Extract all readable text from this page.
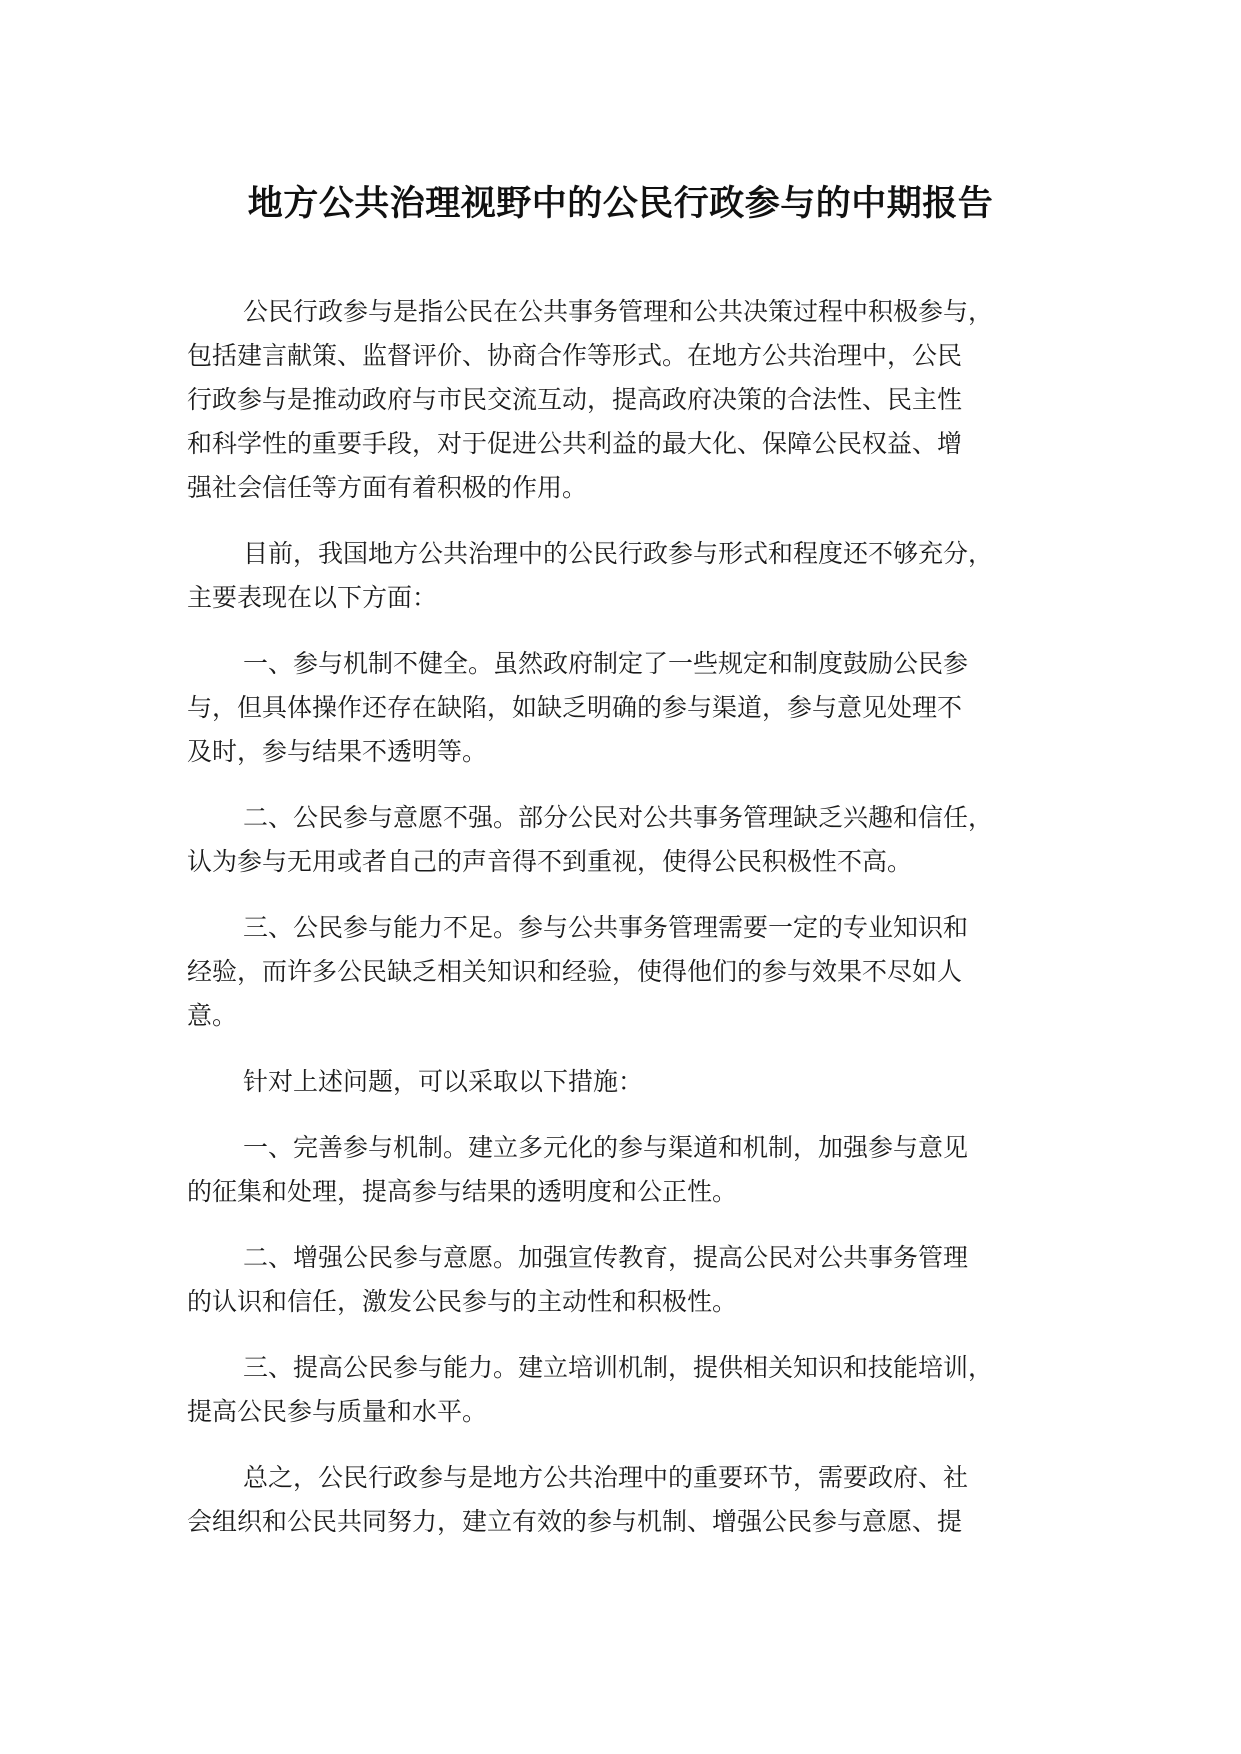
地方公共治理视野中的公民行政参与的中期报告

公民行政参与是指公民在公共事务管理和公共决策过程中积极参与，
包括建言献策、监督评价、协商合作等形式。在地方公共治理中，公民
行政参与是推动政府与市民交流互动，提高政府决策的合法性、民主性
和科学性的重要手段，对于促进公共利益的最大化、保障公民权益、增
强社会信任等方面有着积极的作用。

目前，我国地方公共治理中的公民行政参与形式和程度还不够充分，
主要表现在以下方面：

一、参与机制不健全。虽然政府制定了一些规定和制度鼓励公民参
与，但具体操作还存在缺陷，如缺乏明确的参与渠道，参与意见处理不
及时，参与结果不透明等。

二、公民参与意愿不强。部分公民对公共事务管理缺乏兴趣和信任，
认为参与无用或者自己的声音得不到重视，使得公民积极性不高。

三、公民参与能力不足。参与公共事务管理需要一定的专业知识和
经验，而许多公民缺乏相关知识和经验，使得他们的参与效果不尽如人
意。

针对上述问题，可以采取以下措施：

一、完善参与机制。建立多元化的参与渠道和机制，加强参与意见
的征集和处理，提高参与结果的透明度和公正性。

二、增强公民参与意愿。加强宣传教育，提高公民对公共事务管理
的认识和信任，激发公民参与的主动性和积极性。

三、提高公民参与能力。建立培训机制，提供相关知识和技能培训，
提高公民参与质量和水平。

总之，公民行政参与是地方公共治理中的重要环节，需要政府、社
会组织和公民共同努力，建立有效的参与机制、增强公民参与意愿、提
